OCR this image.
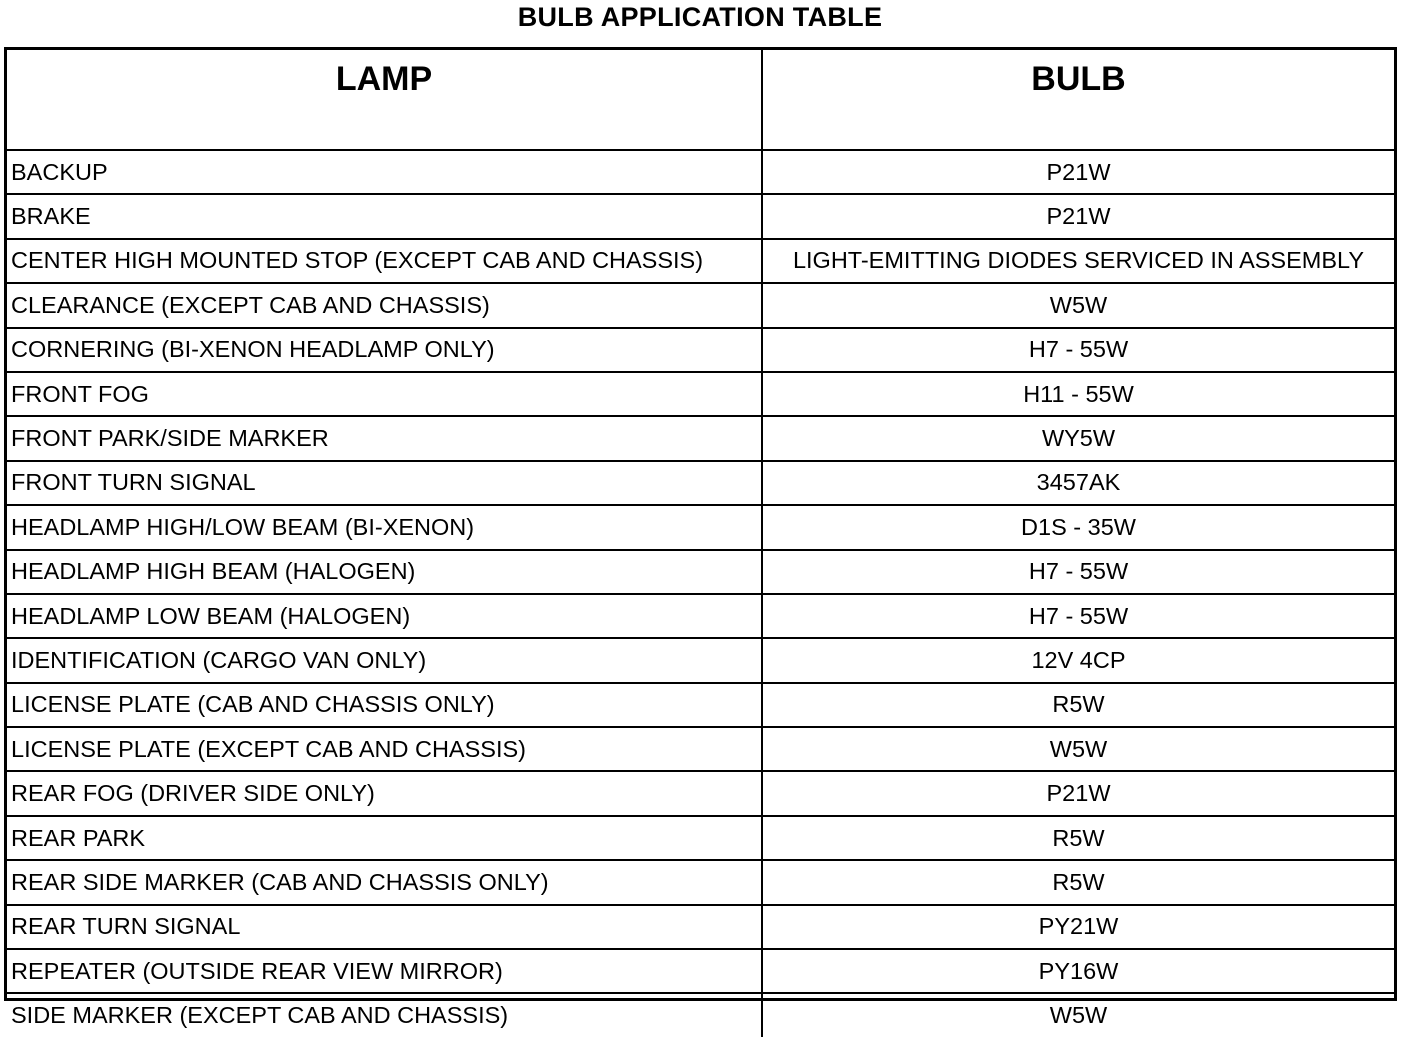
BULB APPLICATION TABLE
LAMP	BULB
BACKUP	P21W
BRAKE	P21W
CENTER HIGH MOUNTED STOP (EXCEPT CAB AND CHASSIS)	LIGHT-EMITTING DIODES SERVICED IN ASSEMBLY
CLEARANCE (EXCEPT CAB AND CHASSIS)	W5W
CORNERING (BI-XENON HEADLAMP ONLY)	H7 - 55W
FRONT FOG	H11 - 55W
FRONT PARK/SIDE MARKER	WY5W
FRONT TURN SIGNAL	3457AK
HEADLAMP HIGH/LOW BEAM (BI-XENON)	D1S - 35W
HEADLAMP HIGH BEAM (HALOGEN)	H7 - 55W
HEADLAMP LOW BEAM (HALOGEN)	H7 - 55W
IDENTIFICATION (CARGO VAN ONLY)	12V 4CP
LICENSE PLATE (CAB AND CHASSIS ONLY)	R5W
LICENSE PLATE (EXCEPT CAB AND CHASSIS)	W5W
REAR FOG (DRIVER SIDE ONLY)	P21W
REAR PARK	R5W
REAR SIDE MARKER (CAB AND CHASSIS ONLY)	R5W
REAR TURN SIGNAL	PY21W
REPEATER (OUTSIDE REAR VIEW MIRROR)	PY16W
SIDE MARKER (EXCEPT CAB AND CHASSIS)	W5W
